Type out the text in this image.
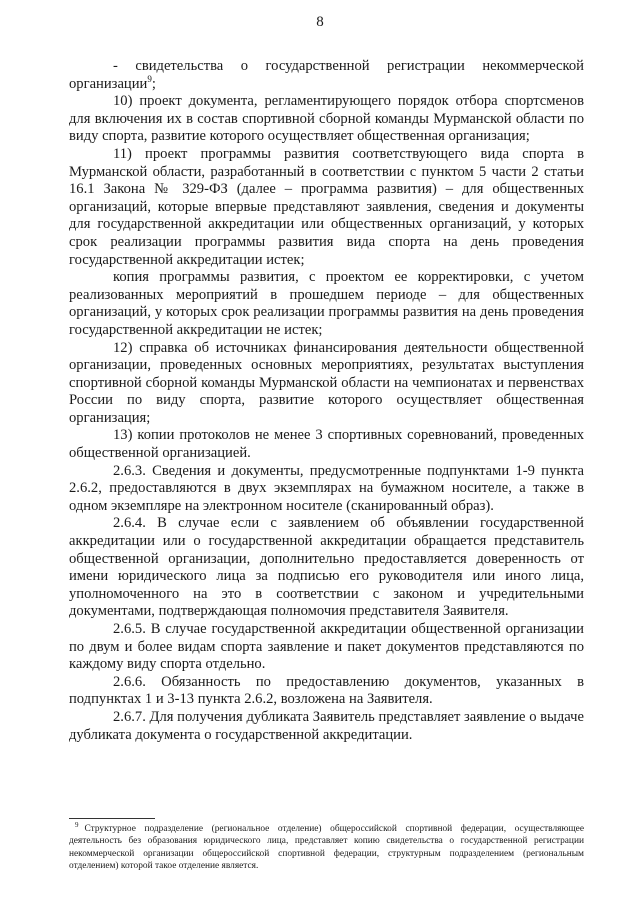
8

- свидетельства о государственной регистрации некоммерческой организации$^9$;

10) проект документа, регламентирующего порядок отбора спортсменов для включения их в состав спортивной сборной команды Мурманской области по виду спорта, развитие которого осуществляет общественная организация;

11) проект программы развития соответствующего вида спорта в Мурманской области, разработанный в соответствии с пунктом 5 части 2 статьи 16.1 Закона № 329-ФЗ (далее – программа развития) – для общественных организаций, которые впервые представляют заявления, сведения и документы для государственной аккредитации или общественных организаций, у которых срок реализации программы развития вида спорта на день проведения государственной аккредитации истек;

копия программы развития, с проектом ее корректировки, с учетом реализованных мероприятий в прошедшем периоде – для общественных организаций, у которых срок реализации программы развития на день проведения государственной аккредитации не истек;

12) справка об источниках финансирования деятельности общественной организации, проведенных основных мероприятиях, результатах выступления спортивной сборной команды Мурманской области на чемпионатах и первенствах России по виду спорта, развитие которого осуществляет общественная организация;

13) копии протоколов не менее 3 спортивных соревнований, проведенных общественной организацией.

2.6.3. Сведения и документы, предусмотренные подпунктами 1-9 пункта 2.6.2, предоставляются в двух экземплярах на бумажном носителе, а также в одном экземпляре на электронном носителе (сканированный образ).

2.6.4. В случае если с заявлением об объявлении государственной аккредитации или о государственной аккредитации обращается представитель общественной организации, дополнительно предоставляется доверенность от имени юридического лица за подписью его руководителя или иного лица, уполномоченного на это в соответствии с законом и учредительными документами, подтверждающая полномочия представителя Заявителя.

2.6.5. В случае государственной аккредитации общественной организации по двум и более видам спорта заявление и пакет документов представляются по каждому виду спорта отдельно.

2.6.6. Обязанность по предоставлению документов, указанных в подпунктах 1 и 3-13 пункта 2.6.2, возложена на Заявителя.

2.6.7. Для получения дубликата Заявитель представляет заявление о выдаче дубликата документа о государственной аккредитации.

$^9$ Структурное подразделение (региональное отделение) общероссийской спортивной федерации, осуществляющее деятельность без образования юридического лица, представляет копию свидетельства о государственной регистрации некоммерческой организации общероссийской спортивной федерации, структурным подразделением (региональным отделением) которой такое отделение является.
